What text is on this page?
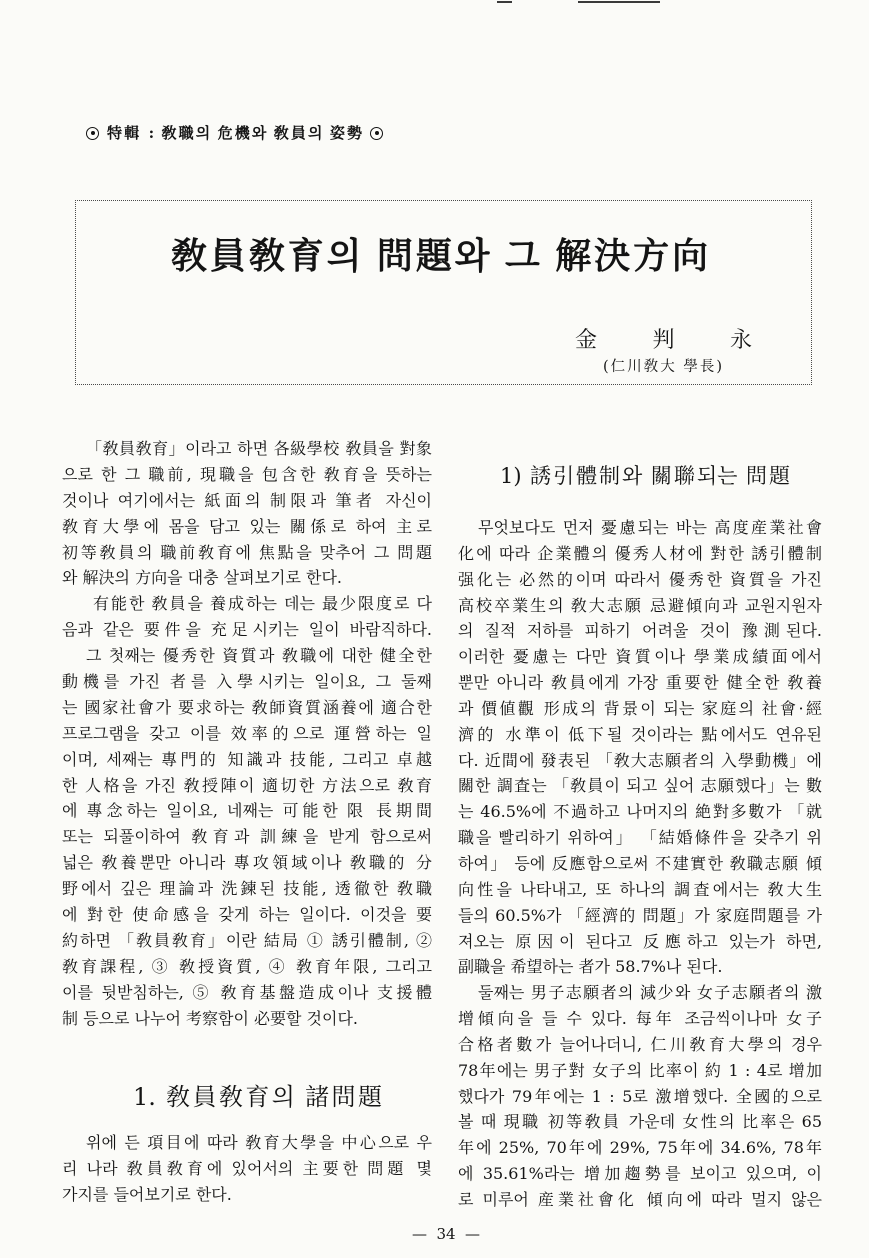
特輯 : 敎職의 危機와 敎員의 姿勢
敎員敎育의 問題와 그 解決方向
金 判 永
(仁川敎大 學長)
「敎員敎育」이라고 하면 各級學校 敎員을 對象
으로 한 그 職前, 現職을 包含한 敎育을 뜻하는
것이나 여기에서는 紙面의 制限과 筆者 자신이
敎育大學에 몸을 담고 있는 關係로 하여 主로
初等敎員의 職前敎育에 焦點을 맞추어 그 問題
와 解決의 方向을 대충 살펴보기로 한다.
有能한 敎員을 養成하는 데는 最少限度로 다
음과 같은 要件을 充足시키는 일이 바람직하다.
그 첫째는 優秀한 資質과 敎職에 대한 健全한
動機를 가진 者를 入學시키는 일이요, 그 둘째
는 國家社會가 要求하는 敎師資質涵養에 適合한
프로그램을 갖고 이를 效率的으로 運營하는 일
이며, 세째는 專門的 知識과 技能, 그리고 卓越
한 人格을 가진 敎授陣이 適切한 方法으로 敎育
에 專念하는 일이요, 네째는 可能한 限 長期間
또는 되풀이하여 敎育과 訓練을 받게 함으로써
넓은 敎養뿐만 아니라 專攻領域이나 敎職的 分
野에서 깊은 理論과 洗鍊된 技能, 透徹한 敎職
에 對한 使命感을 갖게 하는 일이다. 이것을 要
約하면 「敎員敎育」이란 結局 ① 誘引體制, ②
敎育課程, ③ 敎授資質, ④ 敎育年限, 그리고
이를 뒷받침하는, ⑤ 敎育基盤造成이나 支援體
制 등으로 나누어 考察함이 必要할 것이다.
1. 敎員敎育의 諸問題
위에 든 項目에 따라 敎育大學을 中心으로 우
리 나라 敎員敎育에 있어서의 主要한 問題 몇
가지를 들어보기로 한다.
1) 誘引體制와 關聯되는 問題
무엇보다도 먼저 憂慮되는 바는 高度産業社會
化에 따라 企業體의 優秀人材에 對한 誘引體制
强化는 必然的이며 따라서 優秀한 資質을 가진
高校卒業生의 敎大志願 忌避傾向과 교원지원자
의 질적 저하를 피하기 어려울 것이 豫測된다.
이러한 憂慮는 다만 資質이나 學業成績面에서
뿐만 아니라 敎員에게 가장 重要한 健全한 敎養
과 價値觀 形成의 背景이 되는 家庭의 社會·經
濟的 水準이 低下될 것이라는 點에서도 연유된
다. 近間에 發表된 「敎大志願者의 入學動機」에
關한 調査는 「敎員이 되고 싶어 志願했다」는 數
는 46.5%에 不過하고 나머지의 絶對多數가 「就
職을 빨리하기 위하여」 「結婚條件을 갖추기 위
하여」 등에 反應함으로써 不建實한 敎職志願 傾
向性을 나타내고, 또 하나의 調査에서는 敎大生
들의 60.5%가 「經濟的 問題」가 家庭問題를 가
져오는 原因이 된다고 反應하고 있는가 하면,
副職을 希望하는 者가 58.7%나 된다.
둘째는 男子志願者의 減少와 女子志願者의 激
增傾向을 들 수 있다. 每年 조금씩이나마 女子
合格者數가 늘어나더니, 仁川敎育大學의 경우
78年에는 男子對 女子의 比率이 約 1 : 4로 增加
했다가 79年에는 1 : 5로 激增했다. 全國的으로
볼 때 現職 初等敎員 가운데 女性의 比率은 65
年에 25%, 70年에 29%, 75年에 34.6%, 78年
에 35.61%라는 增加趨勢를 보이고 있으며, 이
로 미루어 産業社會化 傾向에 따라 멀지 않은
— 34 —
